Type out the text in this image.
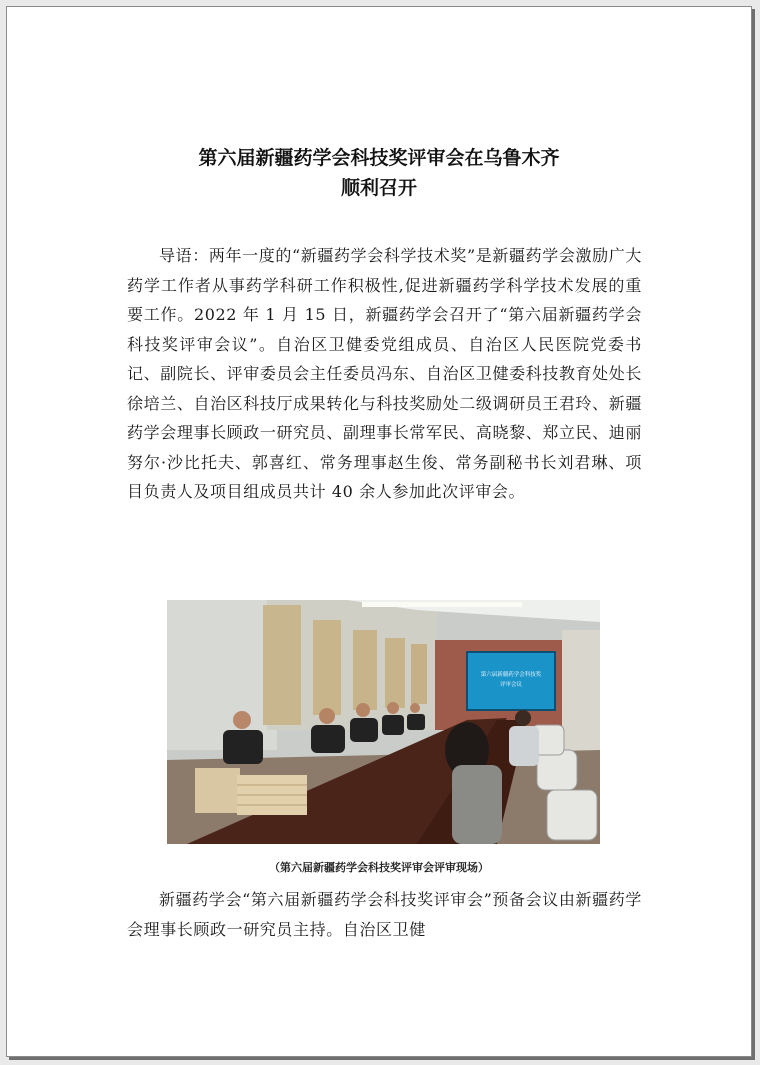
第六届新疆药学会科技奖评审会在乌鲁木齐
顺利召开

导语：两年一度的“新疆药学会科学技术奖”是新疆药学会激励广大药学工作者从事药学科研工作积极性,促进新疆药学科学技术发展的重要工作。2022 年 1 月 15 日，新疆药学会召开了“第六届新疆药学会科技奖评审会议”。自治区卫健委党组成员、自治区人民医院党委书记、副院长、评审委员会主任委员冯东、自治区卫健委科技教育处处长徐培兰、自治区科技厅成果转化与科技奖励处二级调研员王君玲、新疆药学会理事长顾政一研究员、副理事长常军民、高晓黎、郑立民、迪丽努尔·沙比托夫、郭喜红、常务理事赵生俊、常务副秘书长刘君琳、项目负责人及项目组成员共计 40 余人参加此次评审会。

第六届新疆药学会科技奖
评审会议
（第六届新疆药学会科技奖评审会评审现场）

新疆药学会“第六届新疆药学会科技奖评审会”预备会议由新疆药学会理事长顾政一研究员主持。自治区卫健
